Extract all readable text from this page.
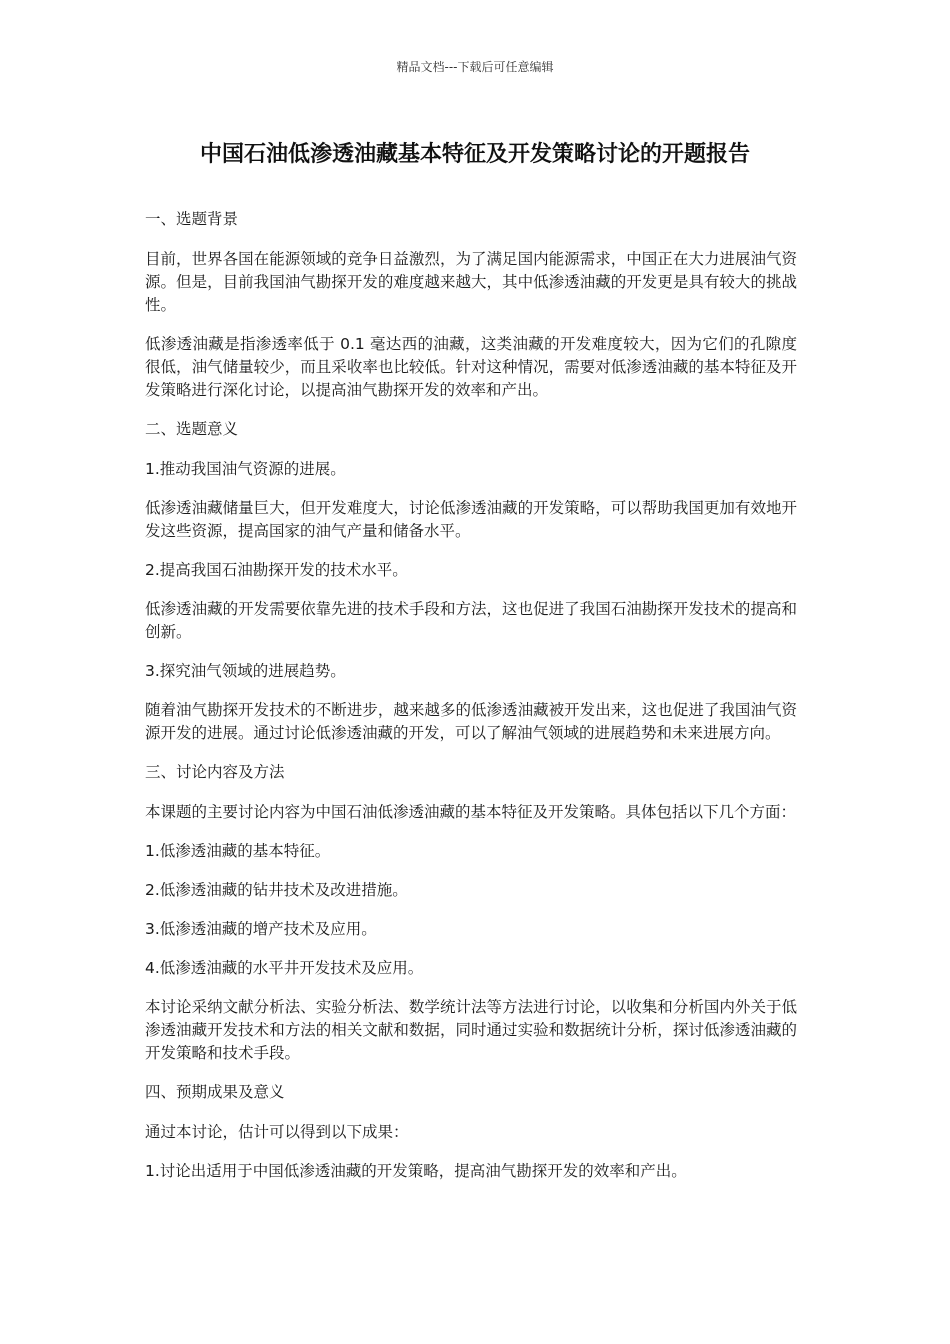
精品文档---下载后可任意编辑
中国石油低渗透油藏基本特征及开发策略讨论的开题报告

一、选题背景

目前，世界各国在能源领域的竞争日益激烈，为了满足国内能源需求，中国正在大力进展油气资源。但是，目前我国油气勘探开发的难度越来越大，其中低渗透油藏的开发更是具有较大的挑战性。

低渗透油藏是指渗透率低于 0.1 毫达西的油藏，这类油藏的开发难度较大，因为它们的孔隙度很低，油气储量较少，而且采收率也比较低。针对这种情况，需要对低渗透油藏的基本特征及开发策略进行深化讨论，以提高油气勘探开发的效率和产出。

二、选题意义

1.推动我国油气资源的进展。

低渗透油藏储量巨大，但开发难度大，讨论低渗透油藏的开发策略，可以帮助我国更加有效地开发这些资源，提高国家的油气产量和储备水平。

2.提高我国石油勘探开发的技术水平。

低渗透油藏的开发需要依靠先进的技术手段和方法，这也促进了我国石油勘探开发技术的提高和创新。

3.探究油气领域的进展趋势。

随着油气勘探开发技术的不断进步，越来越多的低渗透油藏被开发出来，这也促进了我国油气资源开发的进展。通过讨论低渗透油藏的开发，可以了解油气领域的进展趋势和未来进展方向。

三、讨论内容及方法

本课题的主要讨论内容为中国石油低渗透油藏的基本特征及开发策略。具体包括以下几个方面：

1.低渗透油藏的基本特征。

2.低渗透油藏的钻井技术及改进措施。

3.低渗透油藏的增产技术及应用。

4.低渗透油藏的水平井开发技术及应用。

本讨论采纳文献分析法、实验分析法、数学统计法等方法进行讨论，以收集和分析国内外关于低渗透油藏开发技术和方法的相关文献和数据，同时通过实验和数据统计分析，探讨低渗透油藏的开发策略和技术手段。

四、预期成果及意义

通过本讨论，估计可以得到以下成果：

1.讨论出适用于中国低渗透油藏的开发策略，提高油气勘探开发的效率和产出。
